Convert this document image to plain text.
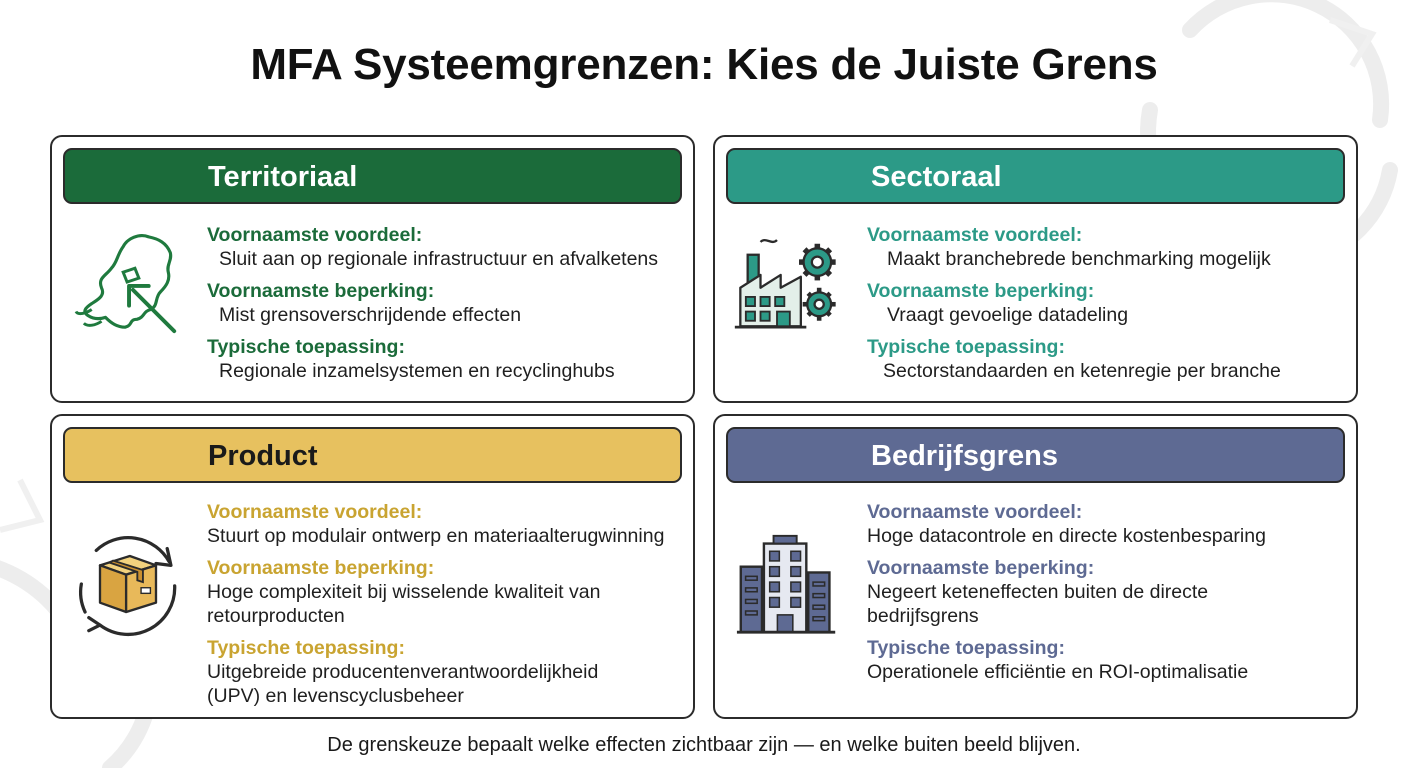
MFA Systeemgrenzen: Kies de Juiste Grens
Territoriaal
Voornaamste voordeel:
Sluit aan op regionale infrastructuur en afvalketens
Voornaamste beperking:
Mist grensoverschrijdende effecten
Typische toepassing:
Regionale inzamelsystemen en recyclinghubs
Sectoraal
Voornaamste voordeel:
Maakt branchebrede benchmarking mogelijk
Voornaamste beperking:
Vraagt gevoelige datadeling
Typische toepassing:
Sectorstandaarden en ketenregie per branche
Product
Voornaamste voordeel:
Stuurt op modulair ontwerp en materiaalterugwinning
Voornaamste beperking:
Hoge complexiteit bij wisselende kwaliteit van
retourproducten
Typische toepassing:
Uitgebreide producentenverantwoordelijkheid
(UPV) en levenscyclusbeheer
Bedrijfsgrens
Voornaamste voordeel:
Hoge datacontrole en directe kostenbesparing
Voornaamste beperking:
Negeert keteneffecten buiten de directe
bedrijfsgrens
Typische toepassing:
Operationele efficiëntie en ROI-optimalisatie
De grenskeuze bepaalt welke effecten zichtbaar zijn — en welke buiten beeld blijven.
